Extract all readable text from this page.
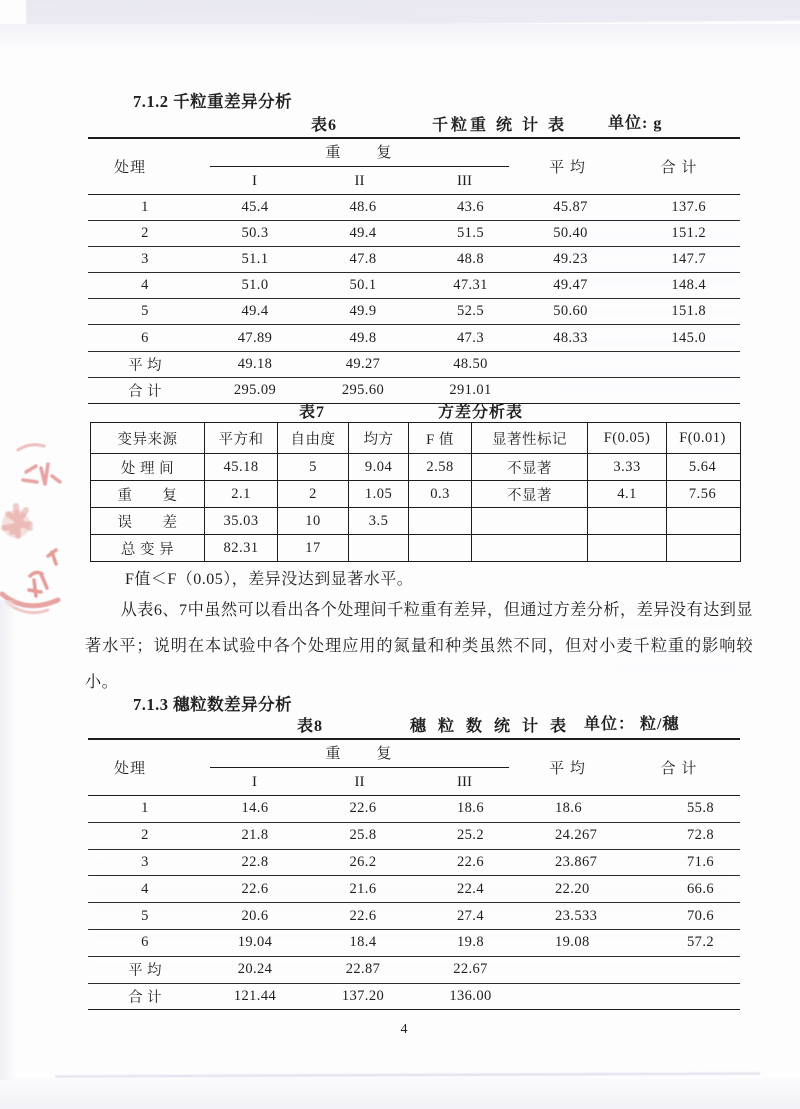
7.1.2 千粒重差异分析
表6	千粒重 统 计 表	单位: g
处理
重　　复
I	II	III
平 均	合 计
1	45.4	48.6	43.6	45.87	137.6
2	50.3	49.4	51.5	50.40	151.2
3	51.1	47.8	48.8	49.23	147.7
4	51.0	50.1	47.31	49.47	148.4
5	49.4	49.9	52.5	50.60	151.8
6	47.89	49.8	47.3	48.33	145.0
平 均	49.18	49.27	48.50
合 计	295.09	295.60	291.01
表7	方差分析表
变异来源	平方和	自由度	均方	F 值	显著性标记	F(0.05)	F(0.01)
处 理 间	45.18	5	9.04	2.58	不显著	3.33	5.64
重　　复	2.1	2	1.05	0.3	不显著	4.1	7.56
误　　差	35.03	10	3.5
总 变 异	82.31	17
F值＜F（0.05），差异没达到显著水平。
从表6、7中虽然可以看出各个处理间千粒重有差异，但通过方差分析，差异没有达到显著水平；说明在本试验中各个处理应用的氮量和种类虽然不同，但对小麦千粒重的影响较小。
7.1.3 穗粒数差异分析
表8	穗 粒 数 统 计 表 单位： 粒/穗
处理
重　　复
I	II	III
平 均	合 计
1	14.6	22.6	18.6	18.6	55.8
2	21.8	25.8	25.2	24.267	72.8
3	22.8	26.2	22.6	23.867	71.6
4	22.6	21.6	22.4	22.20	66.6
5	20.6	22.6	27.4	23.533	70.6
6	19.04	18.4	19.8	19.08	57.2
平 均	20.24	22.87	22.67
合 计	121.44	137.20	136.00
4
